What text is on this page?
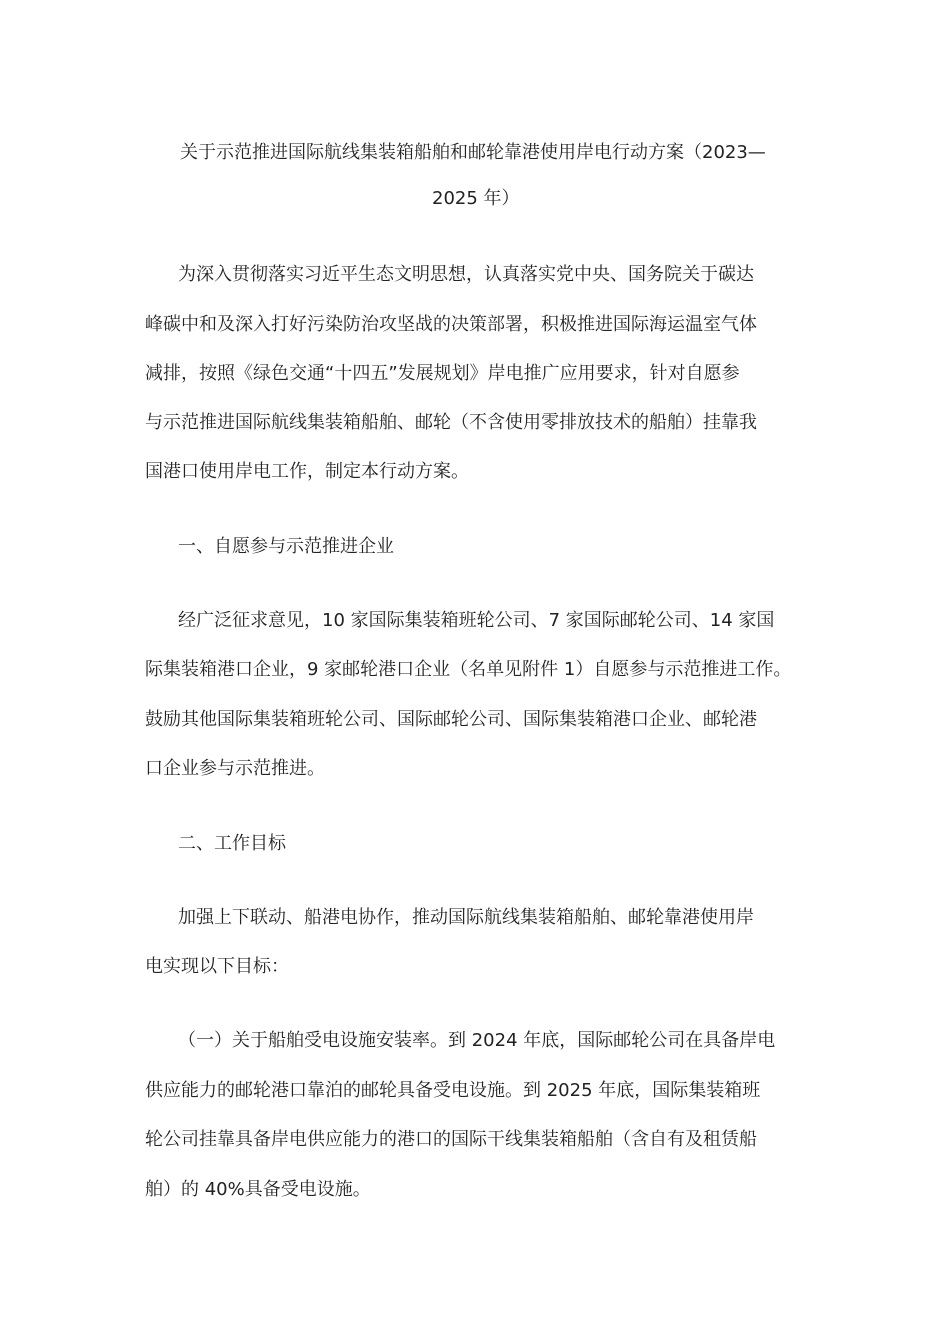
关于示范推进国际航线集装箱船舶和邮轮靠港使用岸电行动方案（2023—
2025 年）
为深入贯彻落实习近平生态文明思想，认真落实党中央、国务院关于碳达
峰碳中和及深入打好污染防治攻坚战的决策部署，积极推进国际海运温室气体
减排，按照《绿色交通“十四五”发展规划》岸电推广应用要求，针对自愿参
与示范推进国际航线集装箱船舶、邮轮（不含使用零排放技术的船舶）挂靠我
国港口使用岸电工作，制定本行动方案。
一、自愿参与示范推进企业
经广泛征求意见，10 家国际集装箱班轮公司、7 家国际邮轮公司、14 家国
际集装箱港口企业，9 家邮轮港口企业（名单见附件 1）自愿参与示范推进工作。
鼓励其他国际集装箱班轮公司、国际邮轮公司、国际集装箱港口企业、邮轮港
口企业参与示范推进。
二、工作目标
加强上下联动、船港电协作，推动国际航线集装箱船舶、邮轮靠港使用岸
电实现以下目标：
（一）关于船舶受电设施安装率。到 2024 年底，国际邮轮公司在具备岸电
供应能力的邮轮港口靠泊的邮轮具备受电设施。到 2025 年底，国际集装箱班
轮公司挂靠具备岸电供应能力的港口的国际干线集装箱船舶（含自有及租赁船
舶）的 40%具备受电设施。
